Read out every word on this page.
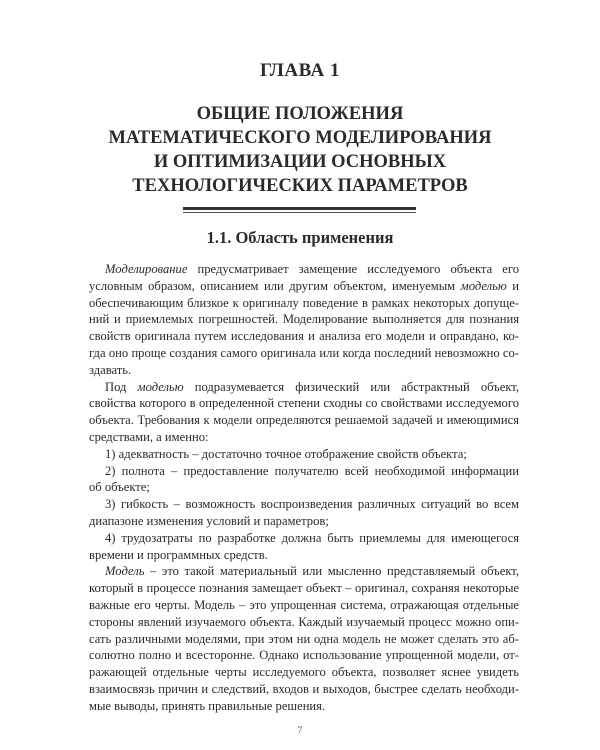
ГЛАВА 1
ОБЩИЕ ПОЛОЖЕНИЯ
МАТЕМАТИЧЕСКОГО МОДЕЛИРОВАНИЯ
И ОПТИМИЗАЦИИ ОСНОВНЫХ
ТЕХНОЛОГИЧЕСКИХ ПАРАМЕТРОВ
1.1. Область применения

Моделирование предусматривает замещение исследуемого объекта его
условным образом, описанием или другим объектом, именуемым моделью и
обеспечивающим близкое к оригиналу поведение в рамках некоторых допуще-
ний и приемлемых погрешностей. Моделирование выполняется для познания
свойств оригинала путем исследования и анализа его модели и оправдано, ко-
гда оно проще создания самого оригинала или когда последний невозможно со-
здавать.

Под моделью подразумевается физический или абстрактный объект,
свойства которого в определенной степени сходны со свойствами исследуемого
объекта. Требования к модели определяются решаемой задачей и имеющимися
средствами, а именно:

1) адекватность – достаточно точное отображение свойств объекта;
2) полнота – предоставление получателю всей необходимой информации
об объекте;
3) гибкость – возможность воспроизведения различных ситуаций во всем
диапазоне изменения условий и параметров;
4) трудозатраты по разработке должна быть приемлемы для имеющегося
времени и программных средств.

Модель – это такой материальный или мысленно представляемый объект,
который в процессе познания замещает объект – оригинал, сохраняя некоторые
важные его черты. Модель – это упрощенная система, отражающая отдельные
стороны явлений изучаемого объекта. Каждый изучаемый процесс можно опи-
сать различными моделями, при этом ни одна модель не может сделать это аб-
солютно полно и всесторонне. Однако использование упрощенной модели, от-
ражающей отдельные черты исследуемого объекта, позволяет яснее увидеть
взаимосвязь причин и следствий, входов и выходов, быстрее сделать необходи-
мые выводы, принять правильные решения.

7
